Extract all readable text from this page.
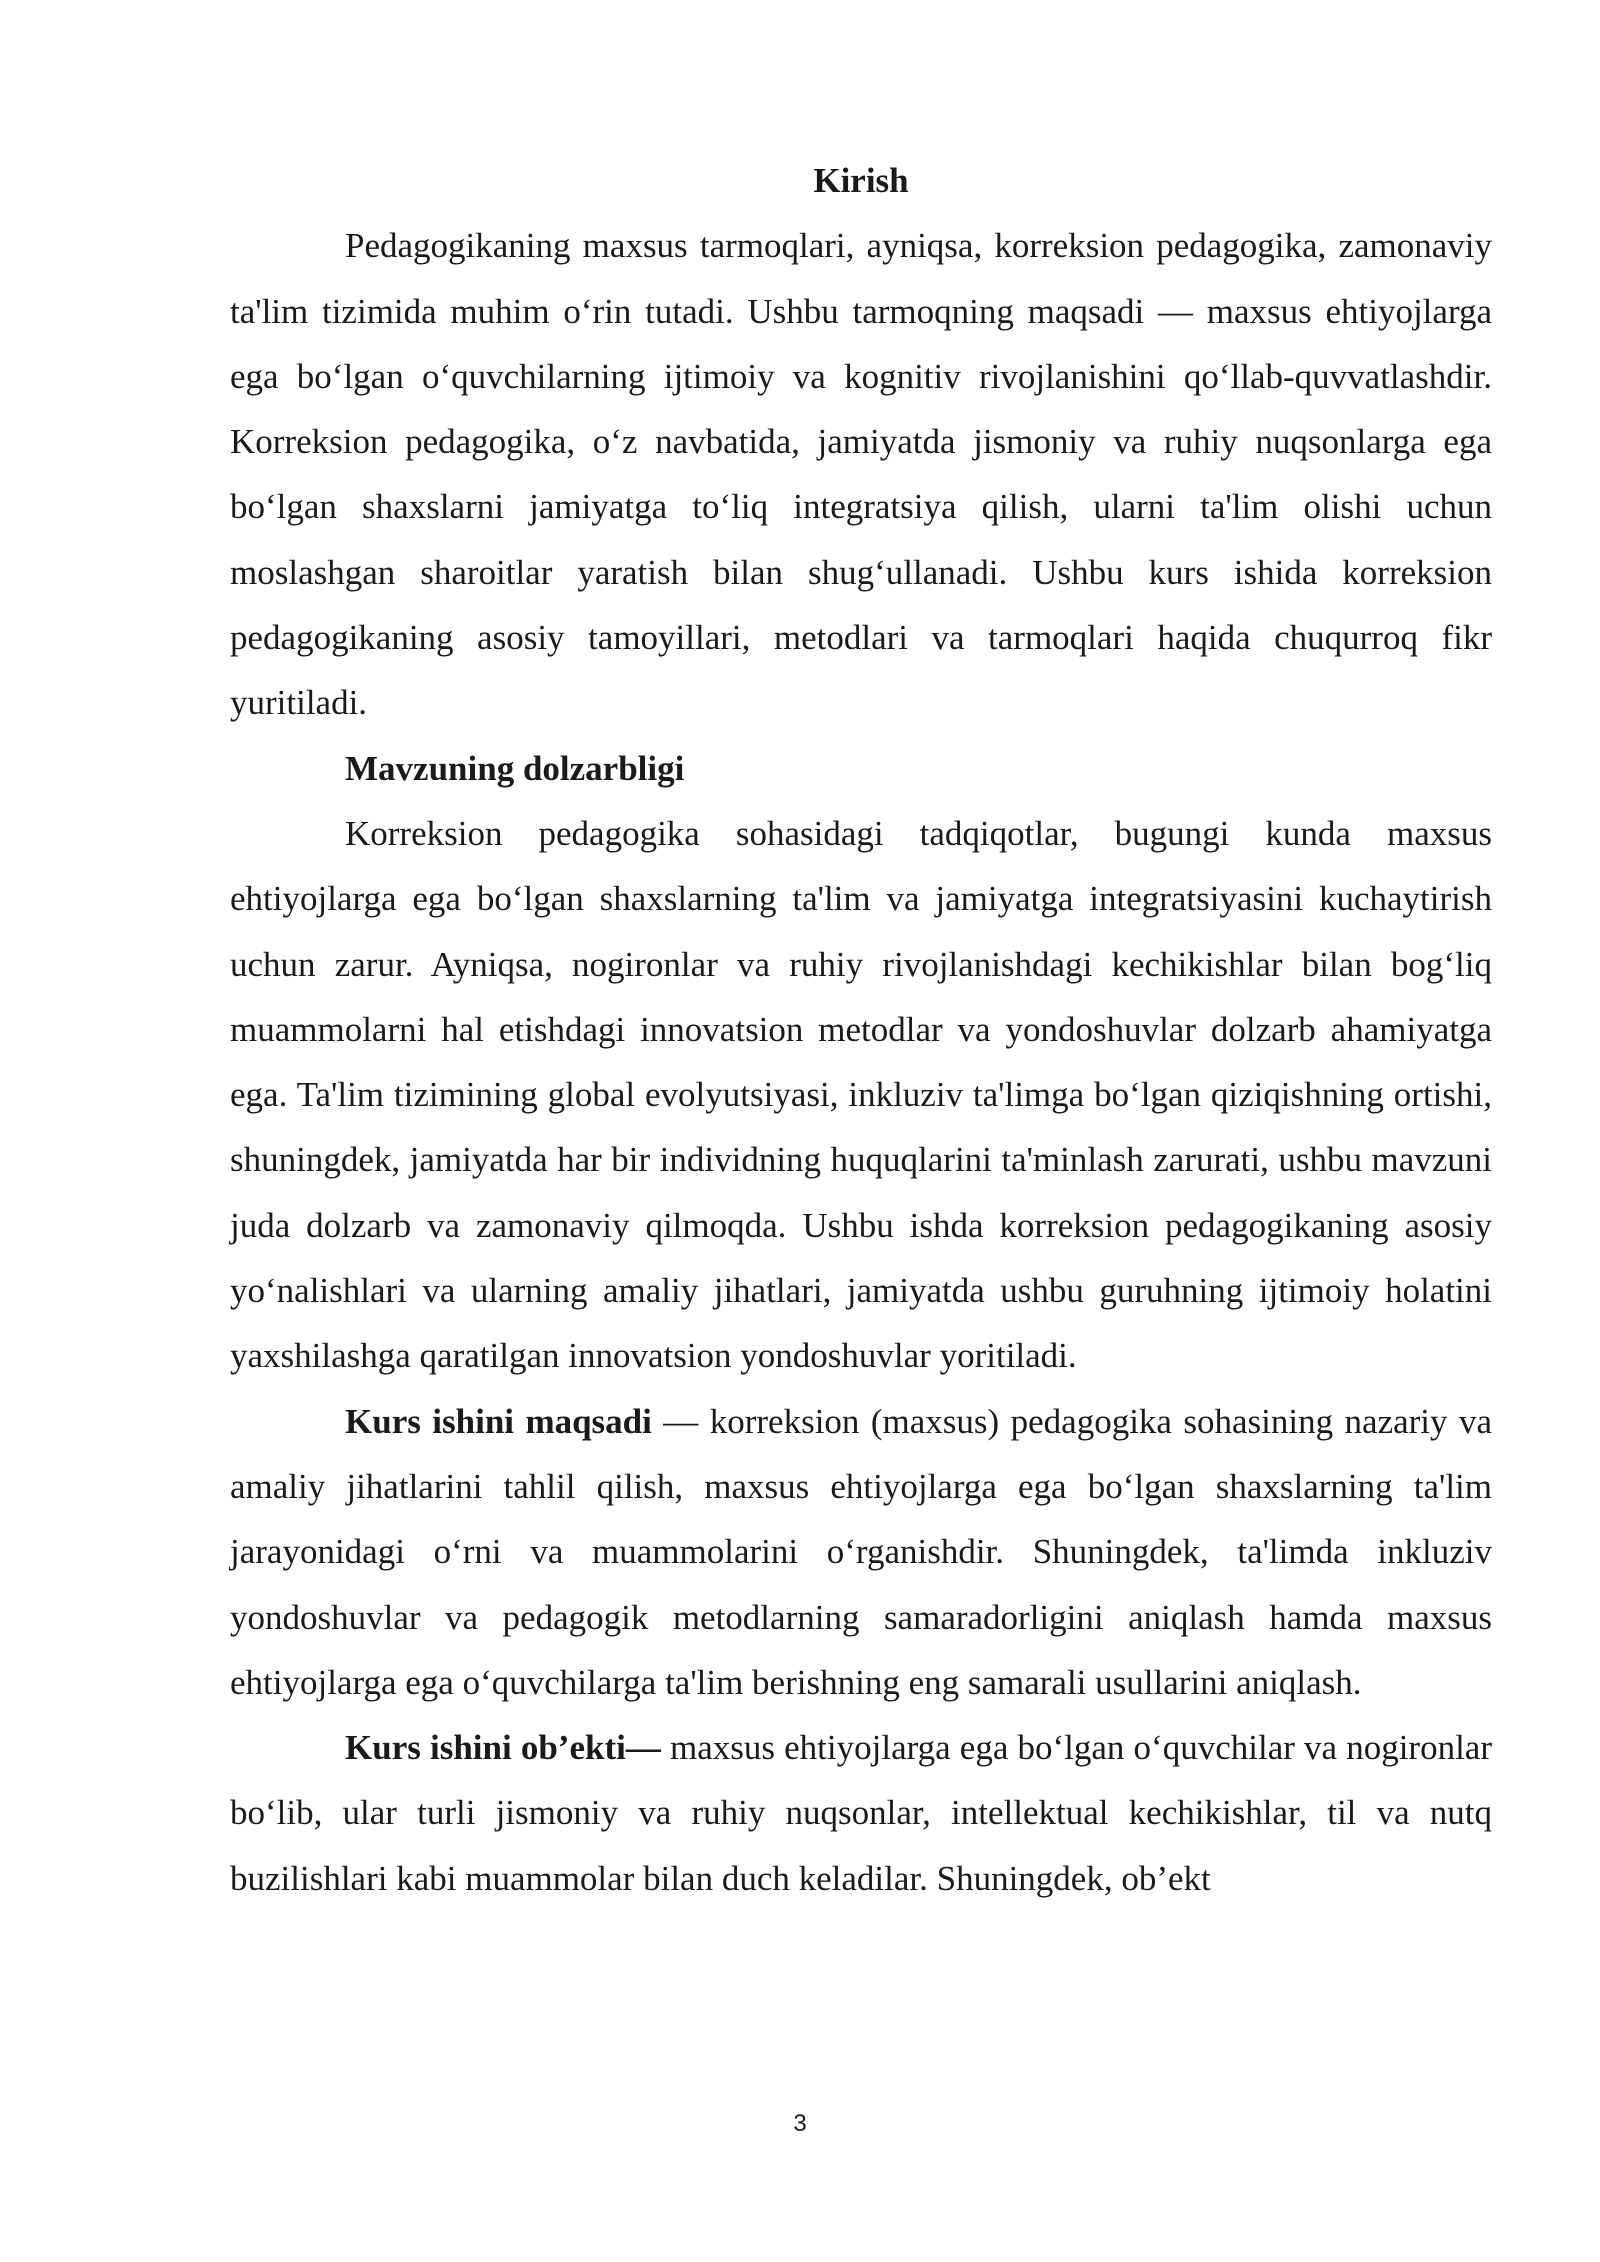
Kirish

Pedagogikaning maxsus tarmoqlari, ayniqsa, korreksion pedagogika, zamonaviy ta'lim tizimida muhim o‘rin tutadi. Ushbu tarmoqning maqsadi — maxsus ehtiyojlarga ega bo‘lgan o‘quvchilarning ijtimoiy va kognitiv rivojlanishini qo‘llab-quvvatlashdir. Korreksion pedagogika, o‘z navbatida, jamiyatda jismoniy va ruhiy nuqsonlarga ega bo‘lgan shaxslarni jamiyatga to‘liq integratsiya qilish, ularni ta'lim olishi uchun moslashgan sharoitlar yaratish bilan shug‘ullanadi. Ushbu kurs ishida korreksion pedagogikaning asosiy tamoyillari, metodlari va tarmoqlari haqida chuqurroq fikr yuritiladi.

Mavzuning dolzarbligi

Korreksion pedagogika sohasidagi tadqiqotlar, bugungi kunda maxsus ehtiyojlarga ega bo‘lgan shaxslarning ta'lim va jamiyatga integratsiyasini kuchaytirish uchun zarur. Ayniqsa, nogironlar va ruhiy rivojlanishdagi kechikishlar bilan bog‘liq muammolarni hal etishdagi innovatsion metodlar va yondoshuvlar dolzarb ahamiyatga ega. Ta'lim tizimining global evolyutsiyasi, inkluziv ta'limga bo‘lgan qiziqishning ortishi, shuningdek, jamiyatda har bir individning huquqlarini ta'minlash zarurati, ushbu mavzuni juda dolzarb va zamonaviy qilmoqda. Ushbu ishda korreksion pedagogikaning asosiy yo‘nalishlari va ularning amaliy jihatlari, jamiyatda ushbu guruhning ijtimoiy holatini yaxshilashga qaratilgan innovatsion yondoshuvlar yoritiladi.

Kurs ishini maqsadi — korreksion (maxsus) pedagogika sohasining nazariy va amaliy jihatlarini tahlil qilish, maxsus ehtiyojlarga ega bo‘lgan shaxslarning ta'lim jarayonidagi o‘rni va muammolarini o‘rganishdir. Shuningdek, ta'limda inkluziv yondoshuvlar va pedagogik metodlarning samaradorligini aniqlash hamda maxsus ehtiyojlarga ega o‘quvchilarga ta'lim berishning eng samarali usullarini aniqlash.

Kurs ishini ob’ekti— maxsus ehtiyojlarga ega bo‘lgan o‘quvchilar va nogironlar bo‘lib, ular turli jismoniy va ruhiy nuqsonlar, intellektual kechikishlar, til va nutq buzilishlari kabi muammolar bilan duch keladilar. Shuningdek, ob’ekt

3
